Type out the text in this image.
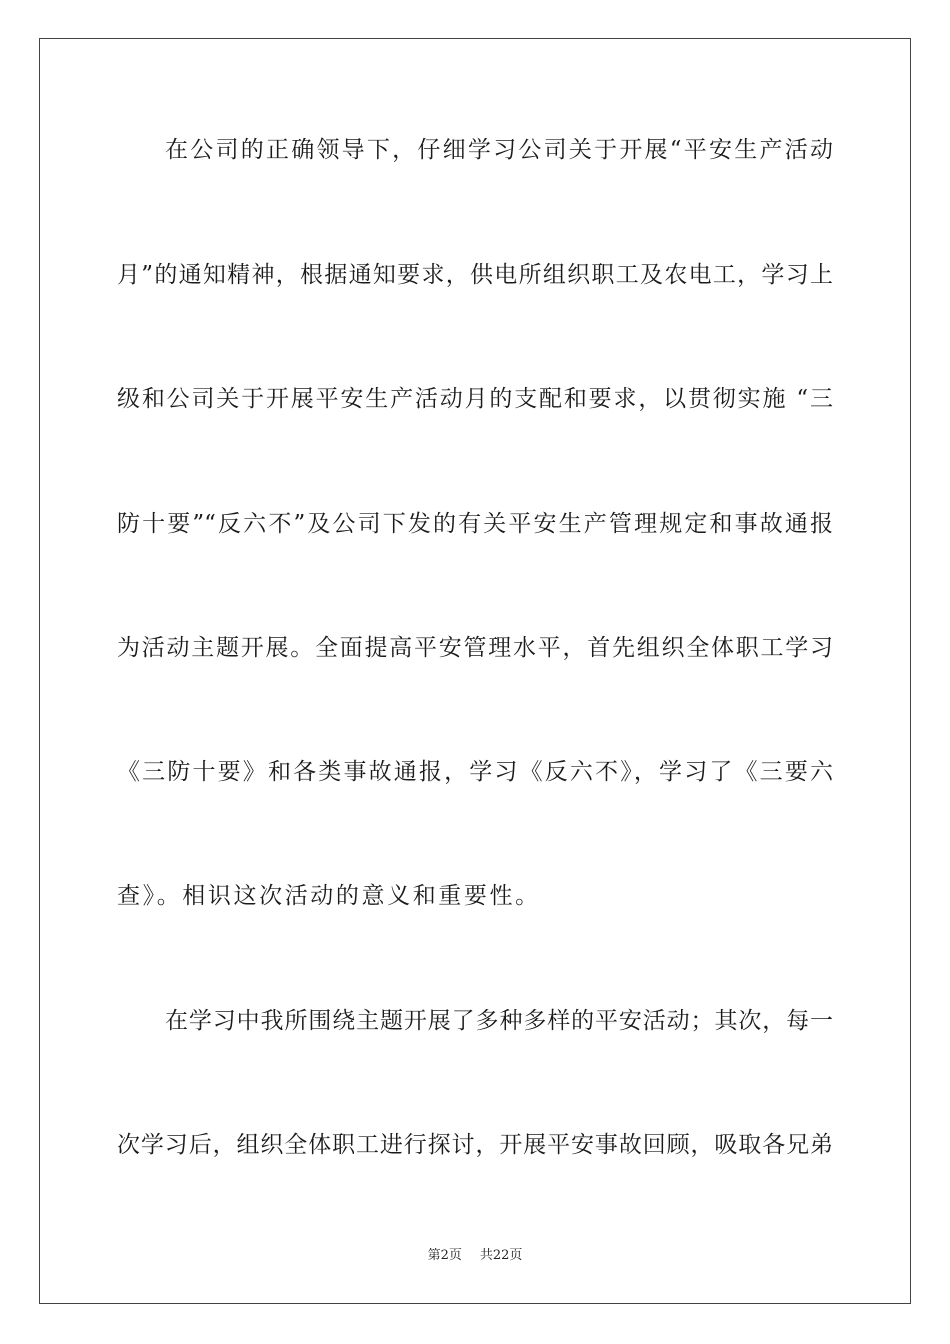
在公司的正确领导下，仔细学习公司关于开展“平安生产活动
月”的通知精神，根据通知要求，供电所组织职工及农电工，学习上
级和公司关于开展平安生产活动月的支配和要求，以贯彻实施 “三
防十要”“反六不”及公司下发的有关平安生产管理规定和事故通报
为活动主题开展。全面提高平安管理水平，首先组织全体职工学习
《三防十要》和各类事故通报，学习《反六不》，学习了《三要六
查》。相识这次活动的意义和重要性。
在学习中我所围绕主题开展了多种多样的平安活动；其次，每一
次学习后，组织全体职工进行探讨，开展平安事故回顾，吸取各兄弟
第2页 共22页
